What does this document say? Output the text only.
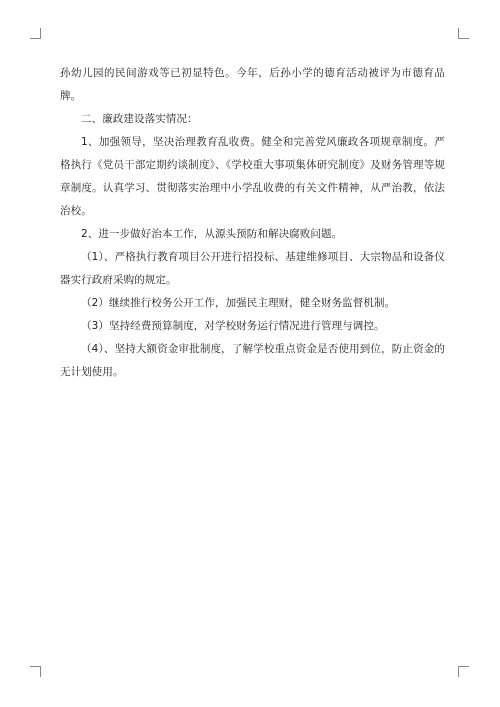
孙幼儿园的民间游戏等已初显特色。今年，后孙小学的德育活动被评为市德育品牌。

二、廉政建设落实情况：

1、加强领导，坚决治理教育乱收费。健全和完善党风廉政各项规章制度。严格执行《党员干部定期约谈制度》、《学校重大事项集体研究制度》及财务管理等规章制度。认真学习、贯彻落实治理中小学乱收费的有关文件精神，从严治教，依法治校。

2、进一步做好治本工作，从源头预防和解决腐败问题。

（1）、严格执行教育项目公开进行招投标、基建维修项目、大宗物品和设备仪器实行政府采购的规定。

（2）继续推行校务公开工作，加强民主理财，健全财务监督机制。

（3）坚持经费预算制度，对学校财务运行情况进行管理与调控。

（4）、坚持大额资金审批制度，了解学校重点资金是否使用到位，防止资金的无计划使用。
